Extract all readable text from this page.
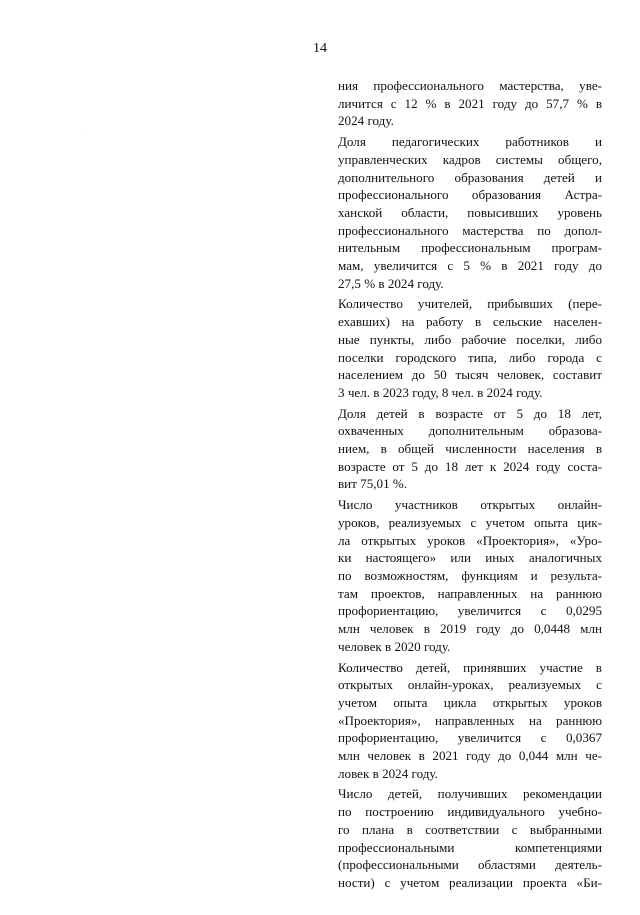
14

ния профессионального мастерства, уве-
личится с 12 % в 2021 году до 57,7 % в
2024 году.

Доля педагогических работников и
управленческих кадров системы общего,
дополнительного образования детей и
профессионального образования Астра-
ханской области, повысивших уровень
профессионального мастерства по допол-
нительным профессиональным програм-
мам, увеличится с 5 % в 2021 году до
27,5 % в 2024 году.

Количество учителей, прибывших (пере-
ехавших) на работу в сельские населен-
ные пункты, либо рабочие поселки, либо
поселки городского типа, либо города с
населением до 50 тысяч человек, составит
3 чел. в 2023 году, 8 чел. в 2024 году.

Доля детей в возрасте от 5 до 18 лет,
охваченных дополнительным образова-
нием, в общей численности населения в
возрасте от 5 до 18 лет к 2024 году соста-
вит 75,01 %.

Число участников открытых онлайн-
уроков, реализуемых с учетом опыта цик-
ла открытых уроков «Проектория», «Уро-
ки настоящего» или иных аналогичных
по возможностям, функциям и результа-
там проектов, направленных на раннюю
профориентацию, увеличится с 0,0295
млн человек в 2019 году до 0,0448 млн
человек в 2020 году.

Количество детей, принявших участие в
открытых онлайн-уроках, реализуемых с
учетом опыта цикла открытых уроков
«Проектория», направленных на раннюю
профориентацию, увеличится с 0,0367
млн человек в 2021 году до 0,044 млн че-
ловек в 2024 году.

Число детей, получивших рекомендации
по построению индивидуального учебно-
го плана в соответствии с выбранными
профессиональными компетенциями
(профессиональными областями деятель-
ности) с учетом реализации проекта «Би-
